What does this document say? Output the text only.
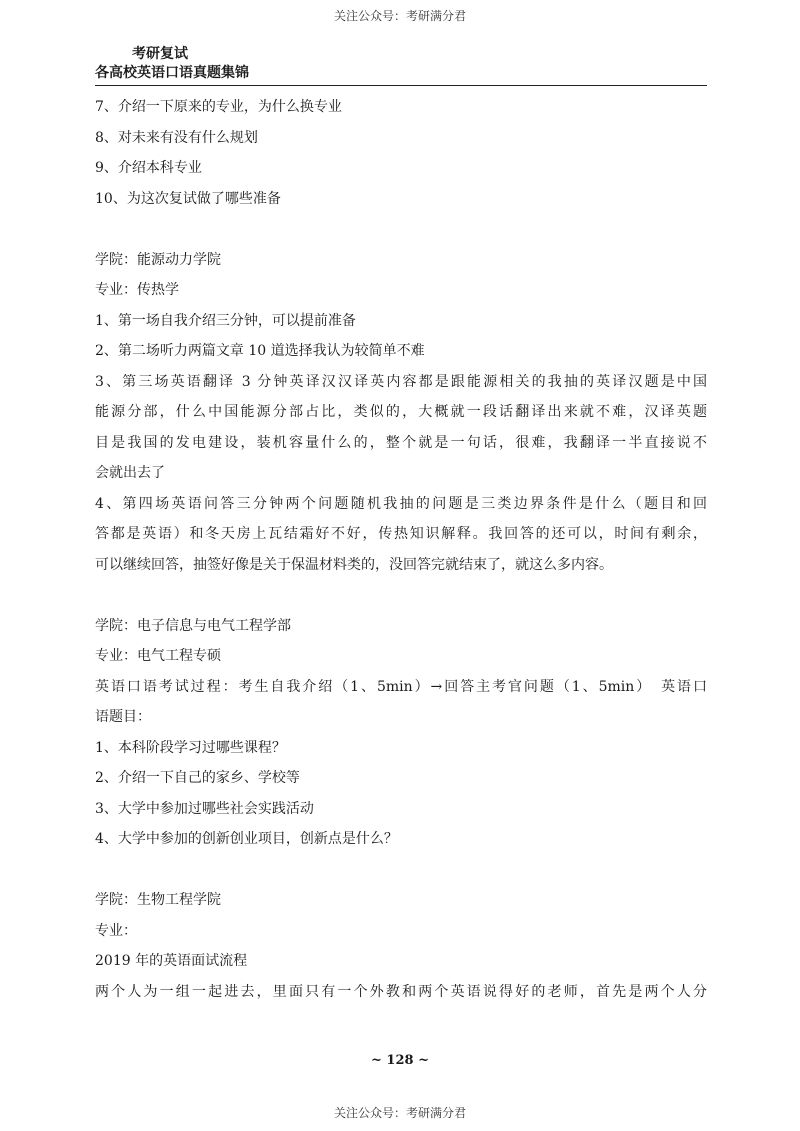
关注公众号：考研满分君
考研复试
各高校英语口语真题集锦
7、介绍一下原来的专业，为什么换专业
8、对未来有没有什么规划
9、介绍本科专业
10、为这次复试做了哪些准备
学院：能源动力学院
专业：传热学
1、第一场自我介绍三分钟，可以提前准备
2、第二场听力两篇文章 10 道选择我认为较简单不难
3、第三场英语翻译 3 分钟英译汉汉译英内容都是跟能源相关的我抽的英译汉题是中国
能源分部，什么中国能源分部占比，类似的，大概就一段话翻译出来就不难，汉译英题
目是我国的发电建设，装机容量什么的，整个就是一句话，很难，我翻译一半直接说不
会就出去了
4、第四场英语问答三分钟两个问题随机我抽的问题是三类边界条件是什么（题目和回
答都是英语）和冬天房上瓦结霜好不好，传热知识解释。我回答的还可以，时间有剩余，
可以继续回答，抽签好像是关于保温材料类的，没回答完就结束了，就这么多内容。
学院：电子信息与电气工程学部
专业：电气工程专硕
英语口语考试过程：考生自我介绍（1、5min）→回答主考官问题（1、5min）　英语口
语题目：
1、本科阶段学习过哪些课程？
2、介绍一下自己的家乡、学校等
3、大学中参加过哪些社会实践活动
4、大学中参加的创新创业项目，创新点是什么？
学院：生物工程学院
专业：
2019 年的英语面试流程
两个人为一组一起进去，里面只有一个外教和两个英语说得好的老师，首先是两个人分
~ 128 ~
关注公众号：考研满分君
